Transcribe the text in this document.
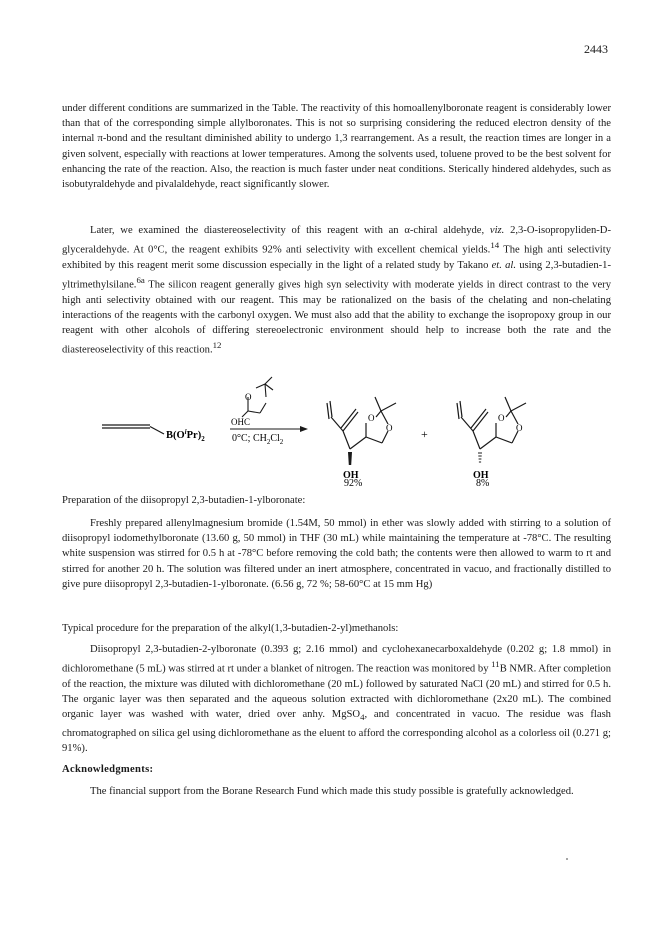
2443

under different conditions are summarized in the Table. The reactivity of this homoallenylboronate reagent is considerably lower than that of the corresponding simple allylboronates. This is not so surprising considering the reduced electron density of the internal π-bond and the resultant diminished ability to undergo 1,3 rearrangement. As a result, the reaction times are longer in a given solvent, especially with reactions at lower temperatures. Among the solvents used, toluene proved to be the best solvent for enhancing the rate of the reaction. Also, the reaction is much faster under neat conditions. Sterically hindered aldehydes, such as isobutyraldehyde and pivalaldehyde, react significantly slower.

Later, we examined the diastereoselectivity of this reagent with an α-chiral aldehyde, viz. 2,3-O-isopropyliden-D-glyceraldehyde. At 0°C, the reagent exhibits 92% anti selectivity with excellent chemical yields.$^{14}$ The high anti selectivity exhibited by this reagent merit some discussion especially in the light of a related study by Takano et. al. using 2,3-butadien-1-yltrimethylsilane.$^{6a}$ The silicon reagent generally gives high syn selectivity with moderate yields in direct contrast to the very high anti selectivity obtained with our reagent. This may be rationalized on the basis of the chelating and non-chelating interactions of the reagents with the carbonyl oxygen. We must also add that the ability to exchange the isopropoxy group in our reagent with other alcohols of differing stereoelectronic environment should help to increase both the rate and the diastereoselectivity of this reaction.$^{12}$

$B(O^iPr)_2$
O
OHC
0°C; $CH_2Cl_2$
O
O
OH
+
O
O
OH
92%	8%
Preparation of the diisopropyl 2,3-butadien-1-ylboronate:

Freshly prepared allenylmagnesium bromide (1.54M, 50 mmol) in ether was slowly added with stirring to a solution of diisopropyl iodomethylboronate (13.60 g, 50 mmol) in THF (30 mL) while maintaining the temperature at -78°C. The resulting white suspension was stirred for 0.5 h at -78°C before removing the cold bath; the contents were then allowed to warm to rt and stirred for another 20 h. The solution was filtered under an inert atmosphere, concentrated in vacuo, and fractionally distilled to give pure diisopropyl 2,3-butadien-1-ylboronate. (6.56 g, 72 %; 58-60°C at 15 mm Hg)

Typical procedure for the preparation of the alkyl(1,3-butadien-2-yl)methanols:

Diisopropyl 2,3-butadien-2-ylboronate (0.393 g; 2.16 mmol) and cyclohexanecarboxaldehyde (0.202 g; 1.8 mmol) in dichloromethane (5 mL) was stirred at rt under a blanket of nitrogen. The reaction was monitored by $^{11}$B NMR. After completion of the reaction, the mixture was diluted with dichloromethane (20 mL) followed by saturated NaCl (20 mL) and stirred for 0.5 h. The organic layer was then separated and the aqueous solution extracted with dichloromethane (2x20 mL). The combined organic layer was washed with water, dried over anhy. MgSO$_4$, and concentrated in vacuo. The residue was flash chromatographed on silica gel using dichloromethane as the eluent to afford the corresponding alcohol as a colorless oil (0.271 g; 91%).

Acknowledgments:

The financial support from the Borane Research Fund which made this study possible is gratefully acknowledged.
